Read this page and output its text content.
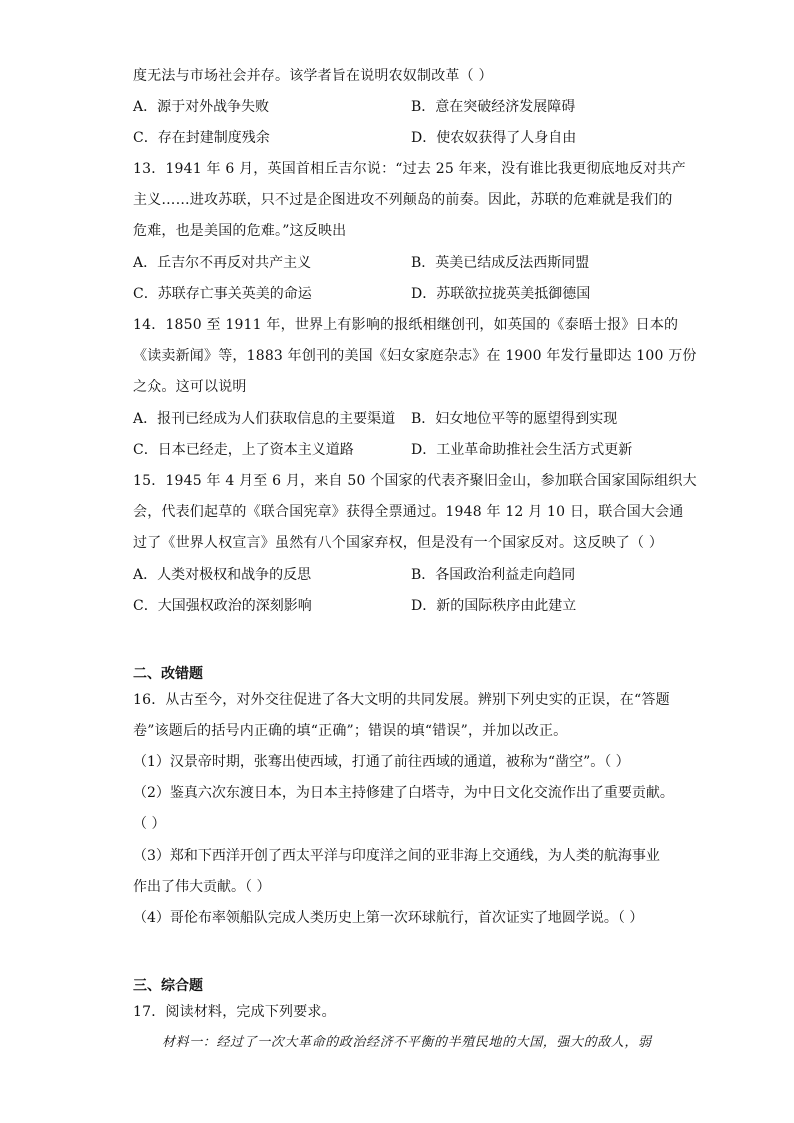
度无法与市场社会并存。该学者旨在说明农奴制改革（ ）
A．源于对外战争失败	B．意在突破经济发展障碍
C．存在封建制度残余	D．使农奴获得了人身自由
13．1941 年 6 月，英国首相丘吉尔说：“过去 25 年来，没有谁比我更彻底地反对共产
主义……进攻苏联，只不过是企图进攻不列颠岛的前奏。因此，苏联的危难就是我们的
危难，也是美国的危难。”这反映出
A．丘吉尔不再反对共产主义	B．英美已结成反法西斯同盟
C．苏联存亡事关英美的命运	D．苏联欲拉拢英美抵御德国
14．1850 至 1911 年，世界上有影响的报纸相继创刊，如英国的《泰晤士报》日本的
《读卖新闻》等，1883 年创刊的美国《妇女家庭杂志》在 1900 年发行量即达 100 万份
之众。这可以说明
A．报刊已经成为人们获取信息的主要渠道 B．妇女地位平等的愿望得到实现
C．日本已经走，上了资本主义道路	D．工业革命助推社会生活方式更新
15．1945 年 4 月至 6 月，来自 50 个国家的代表齐聚旧金山，参加联合国家国际组织大
会，代表们起草的《联合国宪章》获得全票通过。1948 年 12 月 10 日，联合国大会通
过了《世界人权宣言》虽然有八个国家弃权，但是没有一个国家反对。这反映了（ ）
A．人类对极权和战争的反思	B．各国政治利益走向趋同
C．大国强权政治的深刻影响	D．新的国际秩序由此建立
二、改错题
16．从古至今，对外交往促进了各大文明的共同发展。辨别下列史实的正误，在“答题
卷”该题后的括号内正确的填“正确”；错误的填“错误”，并加以改正。
（1）汉景帝时期，张骞出使西域，打通了前往西域的通道，被称为“凿空”。（ ）
（2）鉴真六次东渡日本，为日本主持修建了白塔寺，为中日文化交流作出了重要贡献。
（ ）
（3）郑和下西洋开创了西太平洋与印度洋之间的亚非海上交通线，为人类的航海事业
作出了伟大贡献。（ ）
（4）哥伦布率领船队完成人类历史上第一次环球航行，首次证实了地圆学说。（ ）
三、综合题
17．阅读材料，完成下列要求。
材料一：经过了一次大革命的政治经济不平衡的半殖民地的大国，强大的敌人，弱
